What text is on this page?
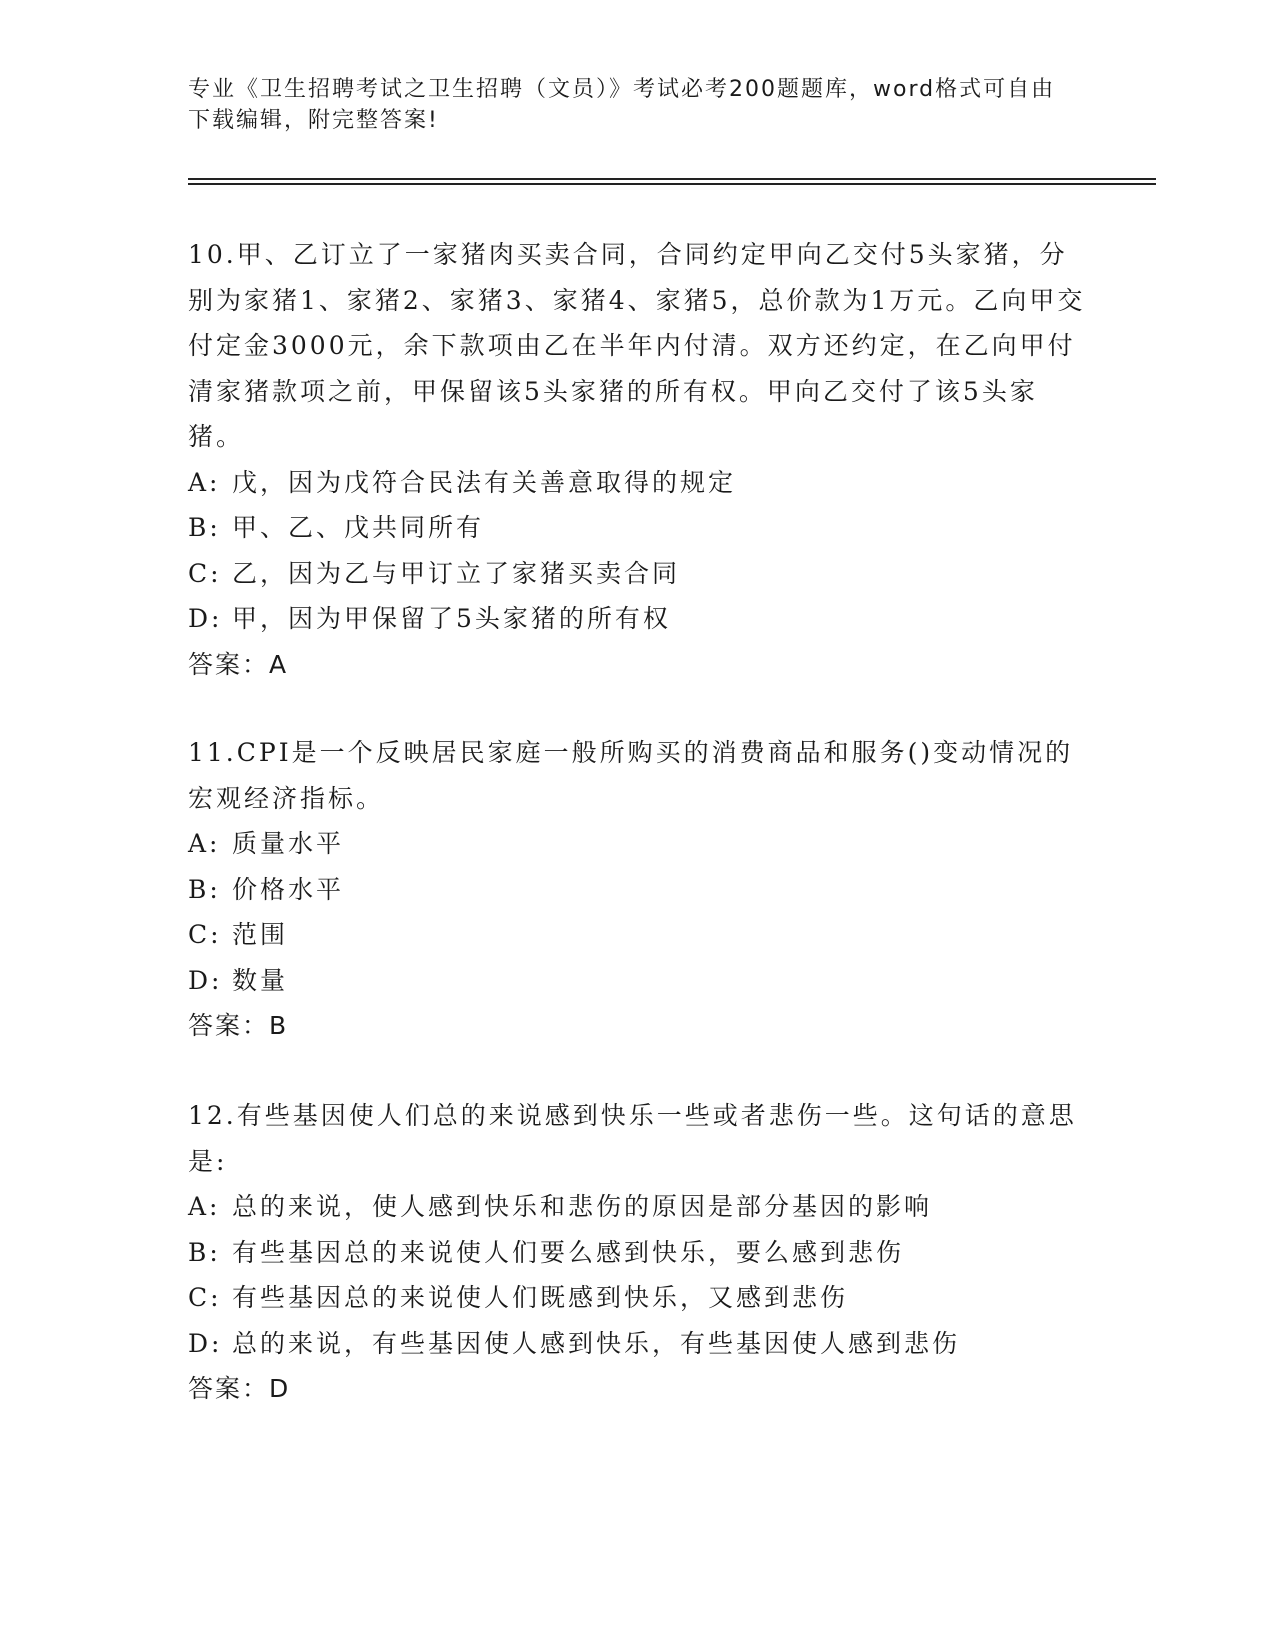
专业《卫生招聘考试之卫生招聘（文员）》考试必考200题题库，word格式可自由下载编辑，附完整答案!

10.甲、乙订立了一家猪肉买卖合同，合同约定甲向乙交付5头家猪，分别为家猪1、家猪2、家猪3、家猪4、家猪5，总价款为1万元。乙向甲交付定金3000元，余下款项由乙在半年内付清。双方还约定，在乙向甲付清家猪款项之前，甲保留该5头家猪的所有权。甲向乙交付了该5头家猪。

A: 戊，因为戊符合民法有关善意取得的规定

B: 甲、乙、戊共同所有

C: 乙，因为乙与甲订立了家猪买卖合同

D: 甲，因为甲保留了5头家猪的所有权

答案：A

11.CPI是一个反映居民家庭一般所购买的消费商品和服务()变动情况的宏观经济指标。

A: 质量水平

B: 价格水平

C: 范围

D: 数量

答案：B

12.有些基因使人们总的来说感到快乐一些或者悲伤一些。这句话的意思是:

A: 总的来说，使人感到快乐和悲伤的原因是部分基因的影响

B: 有些基因总的来说使人们要么感到快乐，要么感到悲伤

C: 有些基因总的来说使人们既感到快乐，又感到悲伤

D: 总的来说，有些基因使人感到快乐，有些基因使人感到悲伤

答案：D
